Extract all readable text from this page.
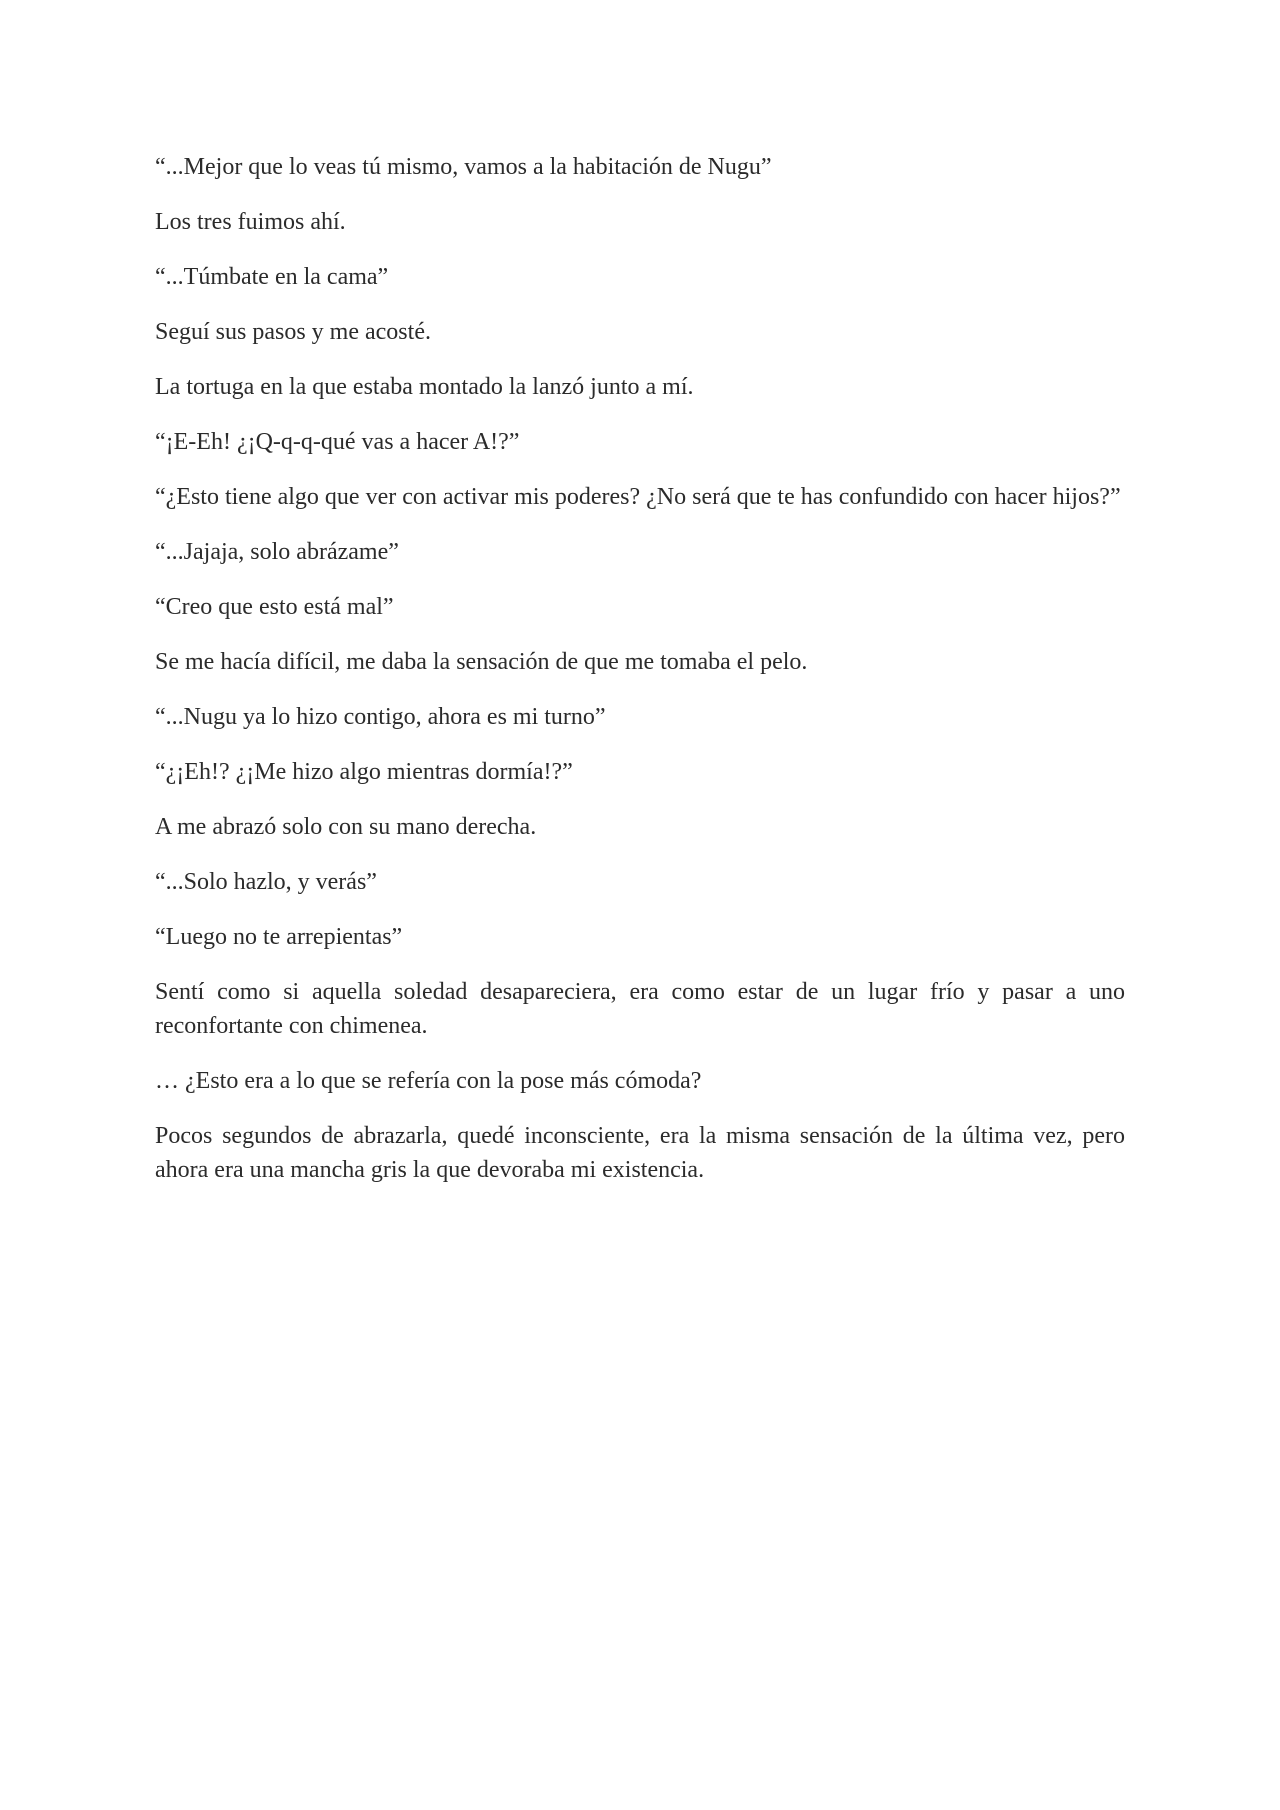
“...Mejor que lo veas tú mismo, vamos a la habitación de Nugu”

Los tres fuimos ahí.

“...Túmbate en la cama”

Seguí sus pasos y me acosté.

La tortuga en la que estaba montado la lanzó junto a mí.

“¡E-Eh! ¿¡Q-q-q-qué vas a hacer A!?”

“¿Esto tiene algo que ver con activar mis poderes? ¿No será que te has confundido con hacer hijos?”

“...Jajaja, solo abrázame”

“Creo que esto está mal”

Se me hacía difícil, me daba la sensación de que me tomaba el pelo.

“...Nugu ya lo hizo contigo, ahora es mi turno”

“¿¡Eh!? ¿¡Me hizo algo mientras dormía!?”

A me abrazó solo con su mano derecha.

“...Solo hazlo, y verás”

“Luego no te arrepientas”

Sentí como si aquella soledad desapareciera, era como estar de un lugar frío y pasar a uno reconfortante con chimenea.

… ¿Esto era a lo que se refería con la pose más cómoda?

Pocos segundos de abrazarla, quedé inconsciente, era la misma sensación de la última vez, pero ahora era una mancha gris la que devoraba mi existencia.
